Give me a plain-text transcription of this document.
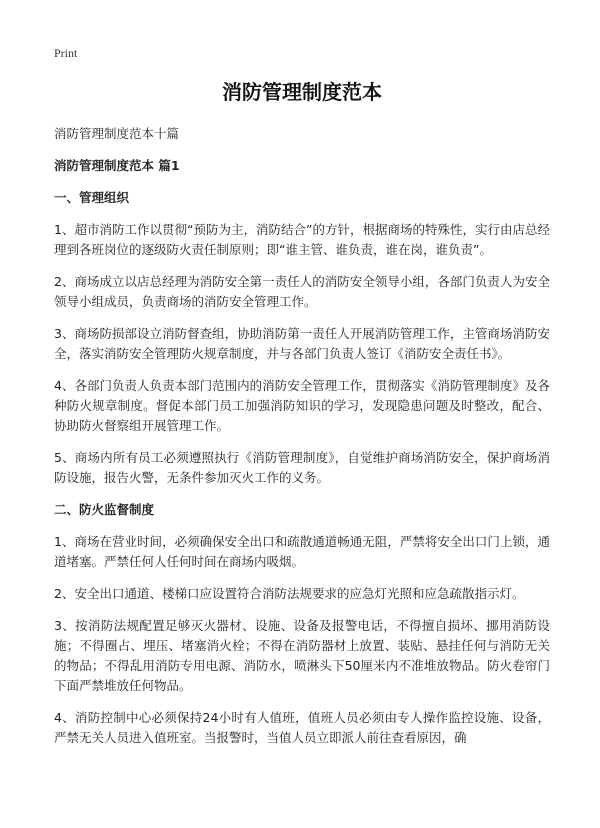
Print
消防管理制度范本
消防管理制度范本十篇
消防管理制度范本 篇1
一、管理组织
1、超市消防工作以贯彻“预防为主，消防结合”的方针，根据商场的特殊性，实行由店总经理到各班岗位的逐级防火责任制原则；即“谁主管、谁负责，谁在岗，谁负责”。
2、商场成立以店总经理为消防安全第一责任人的消防安全领导小组，各部门负责人为安全领导小组成员，负责商场的消防安全管理工作。
3、商场防损部设立消防督查组，协助消防第一责任人开展消防管理工作，主管商场消防安全，落实消防安全管理防火规章制度，并与各部门负责人签订《消防安全责任书》。
4、各部门负责人负责本部门范围内的消防安全管理工作，贯彻落实《消防管理制度》及各种防火规章制度。督促本部门员工加强消防知识的学习，发现隐患问题及时整改，配合、协助防火督察组开展管理工作。
5、商场内所有员工必须遵照执行《消防管理制度》，自觉维护商场消防安全，保护商场消防设施，报告火警，无条件参加灭火工作的义务。
二、防火监督制度
1、商场在营业时间，必须确保安全出口和疏散通道畅通无阻，严禁将安全出口门上锁，通道堵塞。严禁任何人任何时间在商场内吸烟。
2、安全出口通道、楼梯口应设置符合消防法规要求的应急灯光照和应急疏散指示灯。
3、按消防法规配置足够灭火器材、设施、设备及报警电话，不得擅自损坏、挪用消防设施；不得圈占、埋压、堵塞消火栓；不得在消防器材上放置、装贴、悬挂任何与消防无关的物品；不得乱用消防专用电源、消防水，喷淋头下50厘米内不准堆放物品。防火卷帘门下面严禁堆放任何物品。
4、消防控制中心必须保持24小时有人值班，值班人员必须由专人操作监控设施、设备，严禁无关人员进入值班室。当报警时，当值人员立即派人前往查看原因，确
